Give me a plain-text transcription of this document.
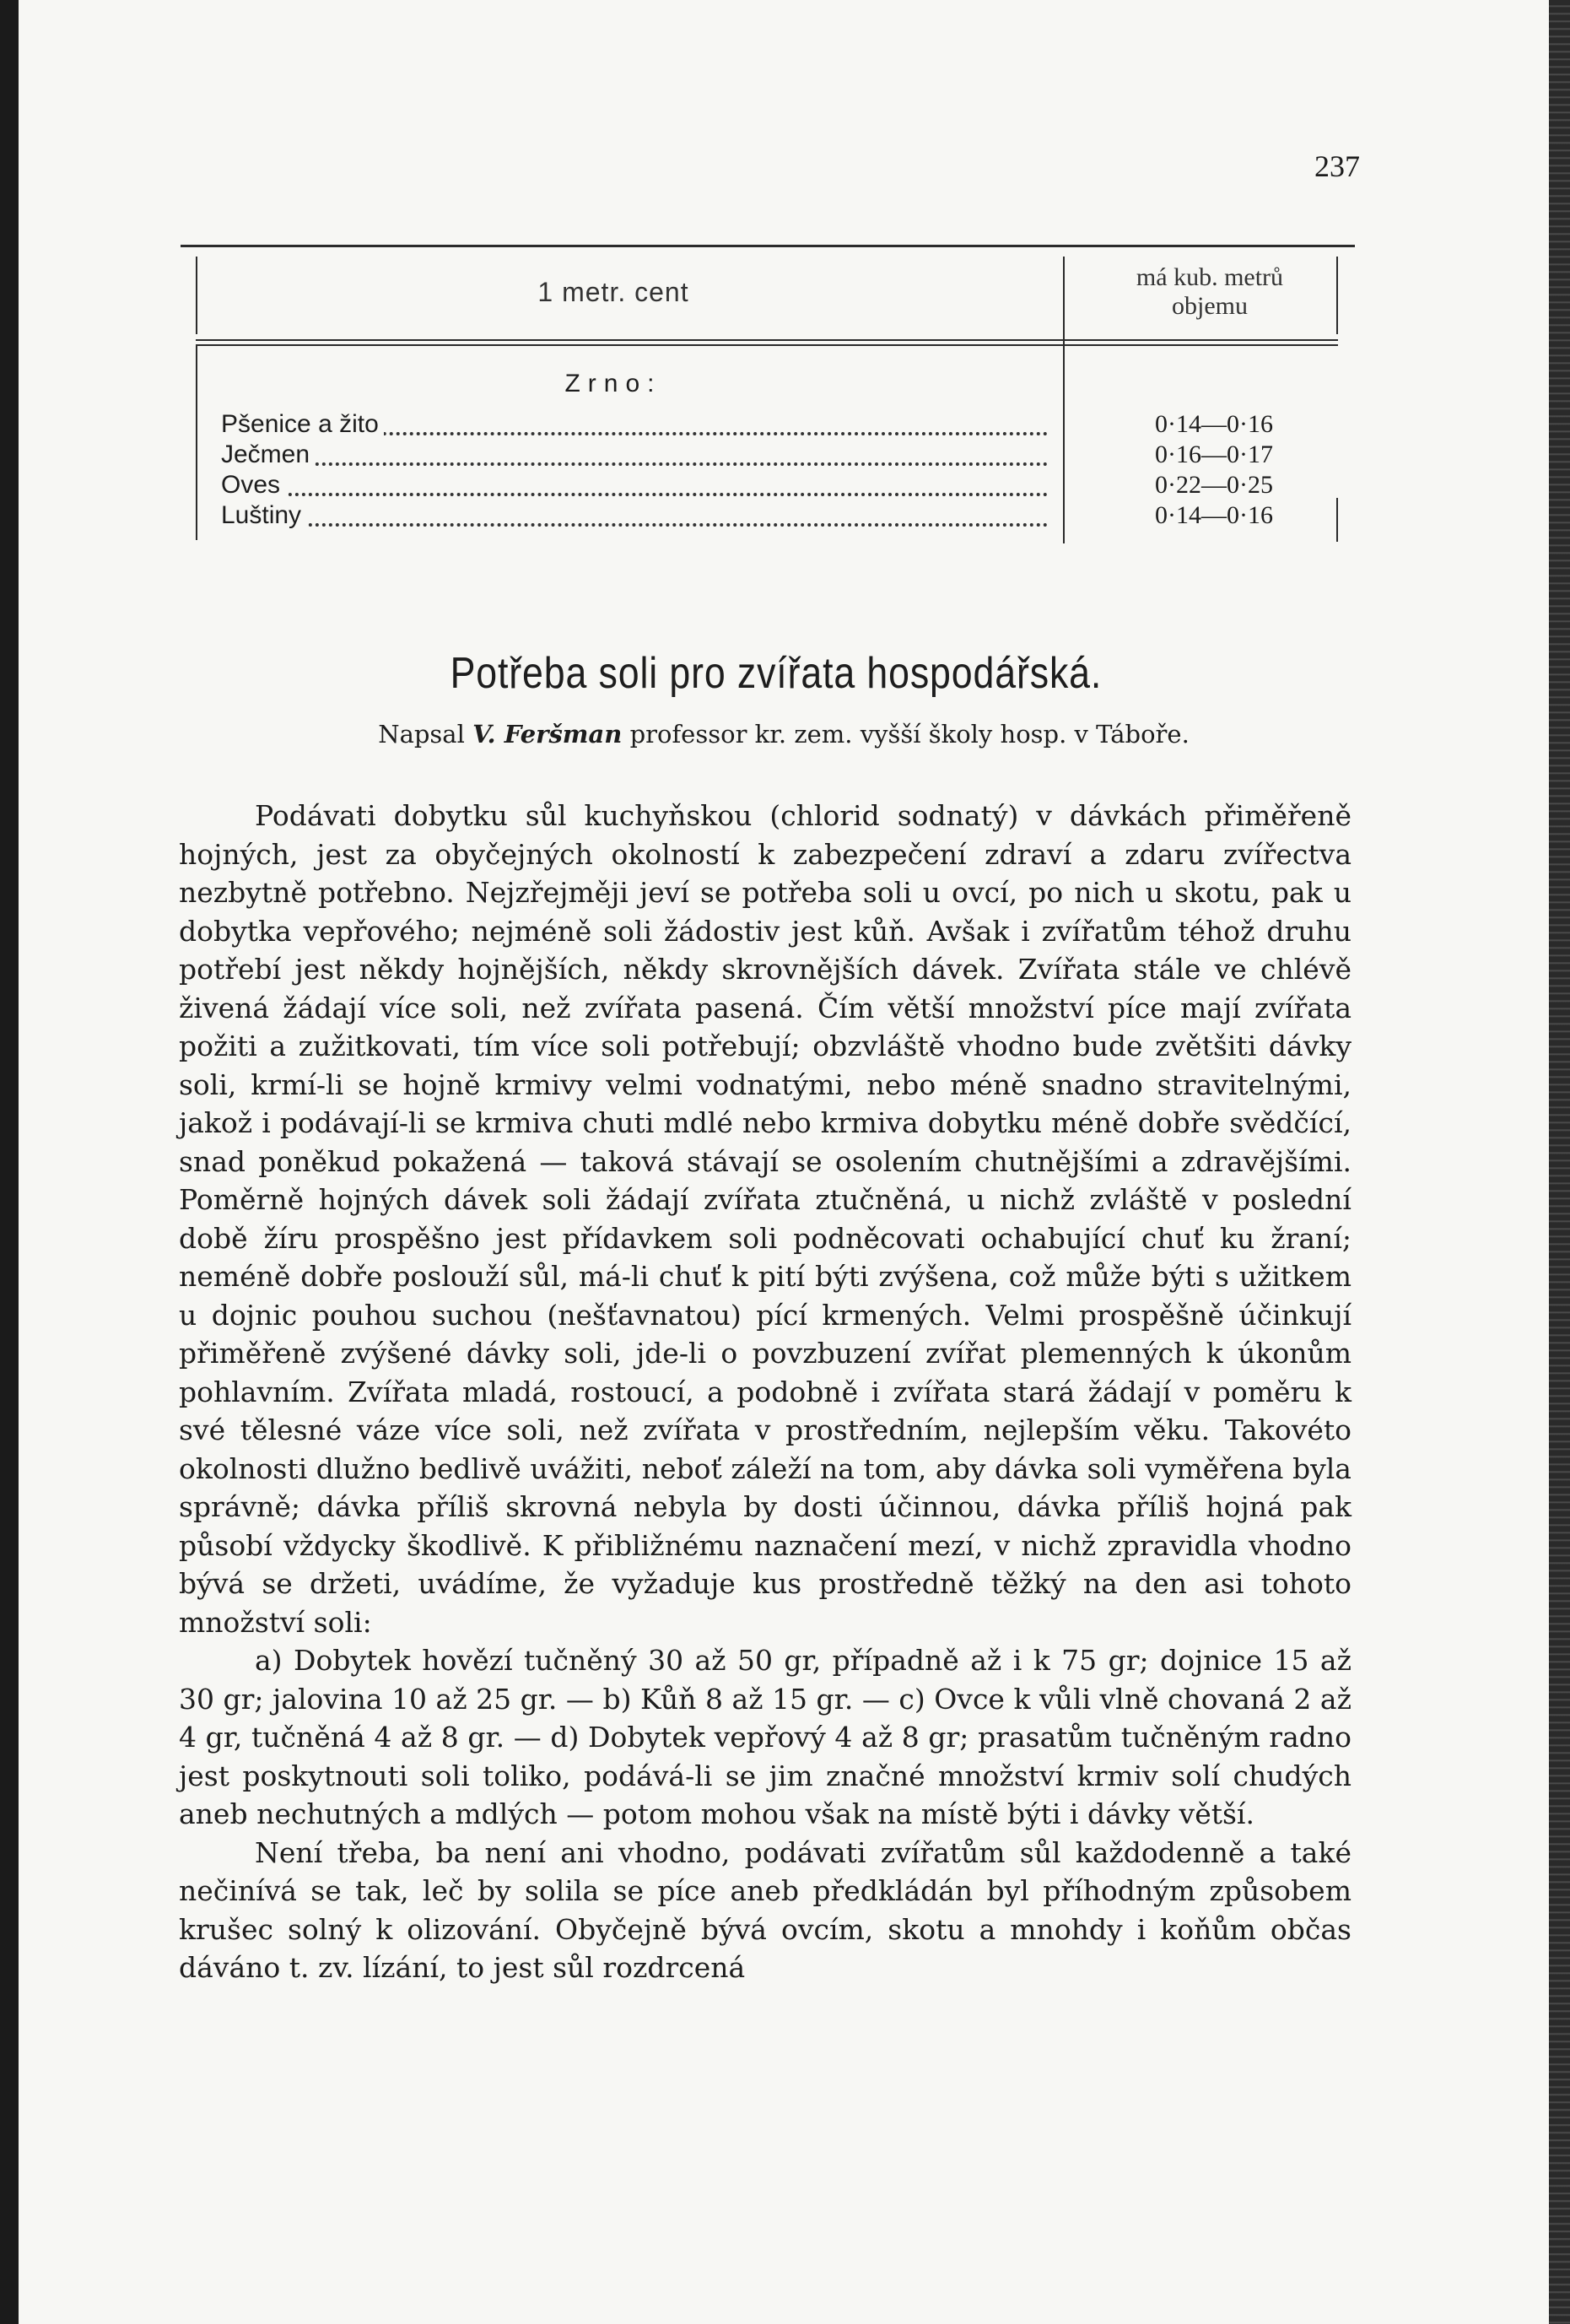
237
1 metr. cent	má kub. metrů
objemu
Zrno:
Pšenice a žito	0·14—0·16
Ječmen	0·16—0·17
Oves	0·22—0·25
Luštiny	0·14—0·16
Potřeba soli pro zvířata hospodářská.
Napsal V. Feršman professor kr. zem. vyšší školy hosp. v Táboře.

Podávati dobytku sůl kuchyňskou (chlorid sodnatý) v dávkách přiměřeně hojných, jest za obyčejných okolností k zabezpečení zdraví a zdaru zvířectva nezbytně potřebno. Nejzřejměji jeví se potřeba soli u ovcí, po nich u skotu, pak u dobytka vepřového; nejméně soli žádostiv jest kůň. Avšak i zvířatům téhož druhu potřebí jest někdy hojnějších, někdy skrovnějších dávek. Zvířata stále ve chlévě živená žádají více soli, než zvířata pasená. Čím větší množství píce mají zvířata požiti a zužitkovati, tím více soli potřebují; obzvláště vhodno bude zvětšiti dávky soli, krmí-li se hojně krmivy velmi vodnatými, nebo méně snadno stravitelnými, jakož i podávají-li se krmiva chuti mdlé nebo krmiva dobytku méně dobře svědčící, snad poněkud pokažená — taková stávají se osolením chutnějšími a zdravějšími. Poměrně hojných dávek soli žádají zvířata ztučněná, u nichž zvláště v poslední době žíru prospěšno jest přídavkem soli podněcovati ochabující chuť ku žraní; neméně dobře poslouží sůl, má-li chuť k pití býti zvýšena, což může býti s užitkem u dojnic pouhou suchou (nešťavnatou) pící krmených. Velmi prospěšně účinkují přiměřeně zvýšené dávky soli, jde-li o povzbuzení zvířat plemenných k úkonům pohlavním. Zvířata mladá, rostoucí, a podobně i zvířata stará žádají v poměru k své tělesné váze více soli, než zvířata v prostředním, nejlepším věku. Takovéto okolnosti dlužno bedlivě uvážiti, neboť záleží na tom, aby dávka soli vyměřena byla správně; dávka příliš skrovná nebyla by dosti účinnou, dávka příliš hojná pak působí vždycky škodlivě. K přibližnému naznačení mezí, v nichž zpravidla vhodno bývá se držeti, uvádíme, že vyžaduje kus prostředně těžký na den asi tohoto množství soli:

a) Dobytek hovězí tučněný 30 až 50 gr, případně až i k 75 gr; dojnice 15 až 30 gr; jalovina 10 až 25 gr. — b) Kůň 8 až 15 gr. — c) Ovce k vůli vlně chovaná 2 až 4 gr, tučněná 4 až 8 gr. — d) Dobytek vepřový 4 až 8 gr; prasatům tučněným radno jest poskytnouti soli toliko, podává-li se jim značné množství krmiv solí chudých aneb nechutných a mdlých — potom mohou však na místě býti i dávky větší.

Není třeba, ba není ani vhodno, podávati zvířatům sůl každodenně a také nečinívá se tak, leč by solila se píce aneb předkládán byl příhodným způsobem krušec solný k olizování. Obyčejně bývá ovcím, skotu a mnohdy i koňům občas dáváno t. zv. lízání, to jest sůl rozdrcená
